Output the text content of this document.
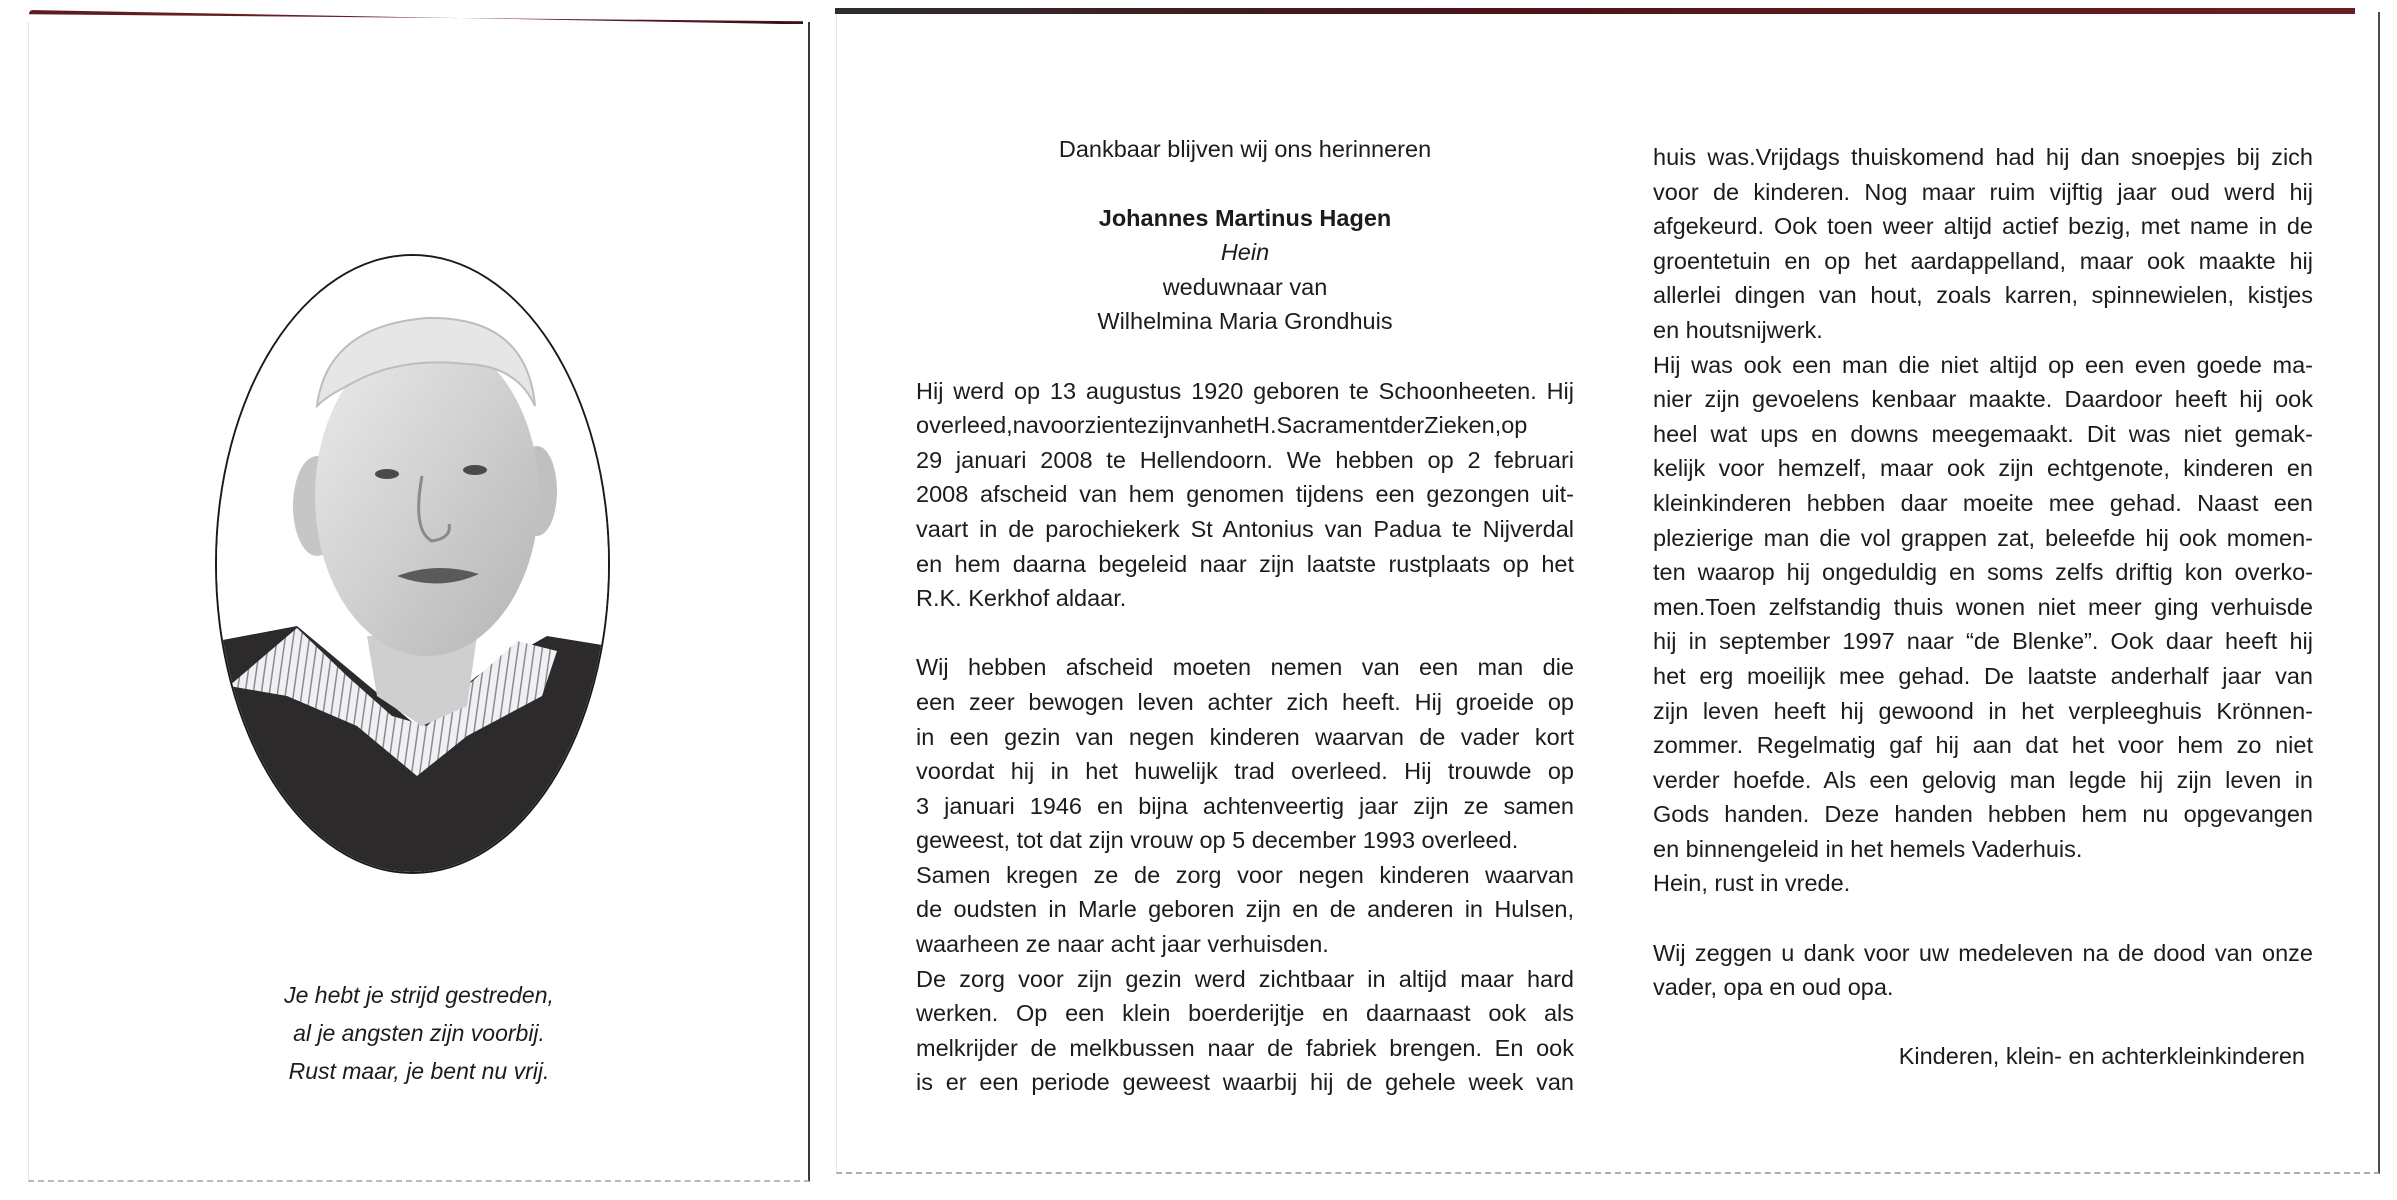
Je hebt je strijd gestreden,
al je angsten zijn voorbij.
Rust maar, je bent nu vrij.
Dankbaar blijven wij ons herinneren
Johannes Martinus Hagen
Hein
weduwnaar van
Wilhelmina Maria Grondhuis
Hij werd op 13 augustus 1920 geboren te Schoonheeten. Hij
overleed,navoorzientezijnvanhetH.SacramentderZieken,op
29 januari 2008 te Hellendoorn. We hebben op 2 februari
2008 afscheid van hem genomen tijdens een gezongen uit-
vaart in de parochiekerk St Antonius van Padua te Nijverdal
en hem daarna begeleid naar zijn laatste rustplaats op het
R.K. Kerkhof aldaar.
Wij hebben afscheid moeten nemen van een man die
een zeer bewogen leven achter zich heeft. Hij groeide op
in een gezin van negen kinderen waarvan de vader kort
voordat hij in het huwelijk trad overleed. Hij trouwde op
3 januari 1946 en bijna achtenveertig jaar zijn ze samen
geweest, tot dat zijn vrouw op 5 december 1993 overleed.
Samen kregen ze de zorg voor negen kinderen waarvan
de oudsten in Marle geboren zijn en de anderen in Hulsen,
waarheen ze naar acht jaar verhuisden.
De zorg voor zijn gezin werd zichtbaar in altijd maar hard
werken. Op een klein boerderijtje en daarnaast ook als
melkrijder de melkbussen naar de fabriek brengen. En ook
is er een periode geweest waarbij hij de gehele week van
huis was.Vrijdags thuiskomend had hij dan snoepjes bij zich
voor de kinderen. Nog maar ruim vijftig jaar oud werd hij
afgekeurd. Ook toen weer altijd actief bezig, met name in de
groentetuin en op het aardappelland, maar ook maakte hij
allerlei dingen van hout, zoals karren, spinnewielen, kistjes
en houtsnijwerk.
Hij was ook een man die niet altijd op een even goede ma-
nier zijn gevoelens kenbaar maakte. Daardoor heeft hij ook
heel wat ups en downs meegemaakt. Dit was niet gemak-
kelijk voor hemzelf, maar ook zijn echtgenote, kinderen en
kleinkinderen hebben daar moeite mee gehad. Naast een
plezierige man die vol grappen zat, beleefde hij ook momen-
ten waarop hij ongeduldig en soms zelfs driftig kon overko-
men.Toen zelfstandig thuis wonen niet meer ging verhuisde
hij in september 1997 naar “de Blenke”. Ook daar heeft hij
het erg moeilijk mee gehad. De laatste anderhalf jaar van
zijn leven heeft hij gewoond in het verpleeghuis Krönnen-
zommer. Regelmatig gaf hij aan dat het voor hem zo niet
verder hoefde. Als een gelovig man legde hij zijn leven in
Gods handen. Deze handen hebben hem nu opgevangen
en binnengeleid in het hemels Vaderhuis.
Hein, rust in vrede.
Wij zeggen u dank voor uw medeleven na de dood van onze
vader, opa en oud opa.
Kinderen, klein- en achterkleinkinderen
